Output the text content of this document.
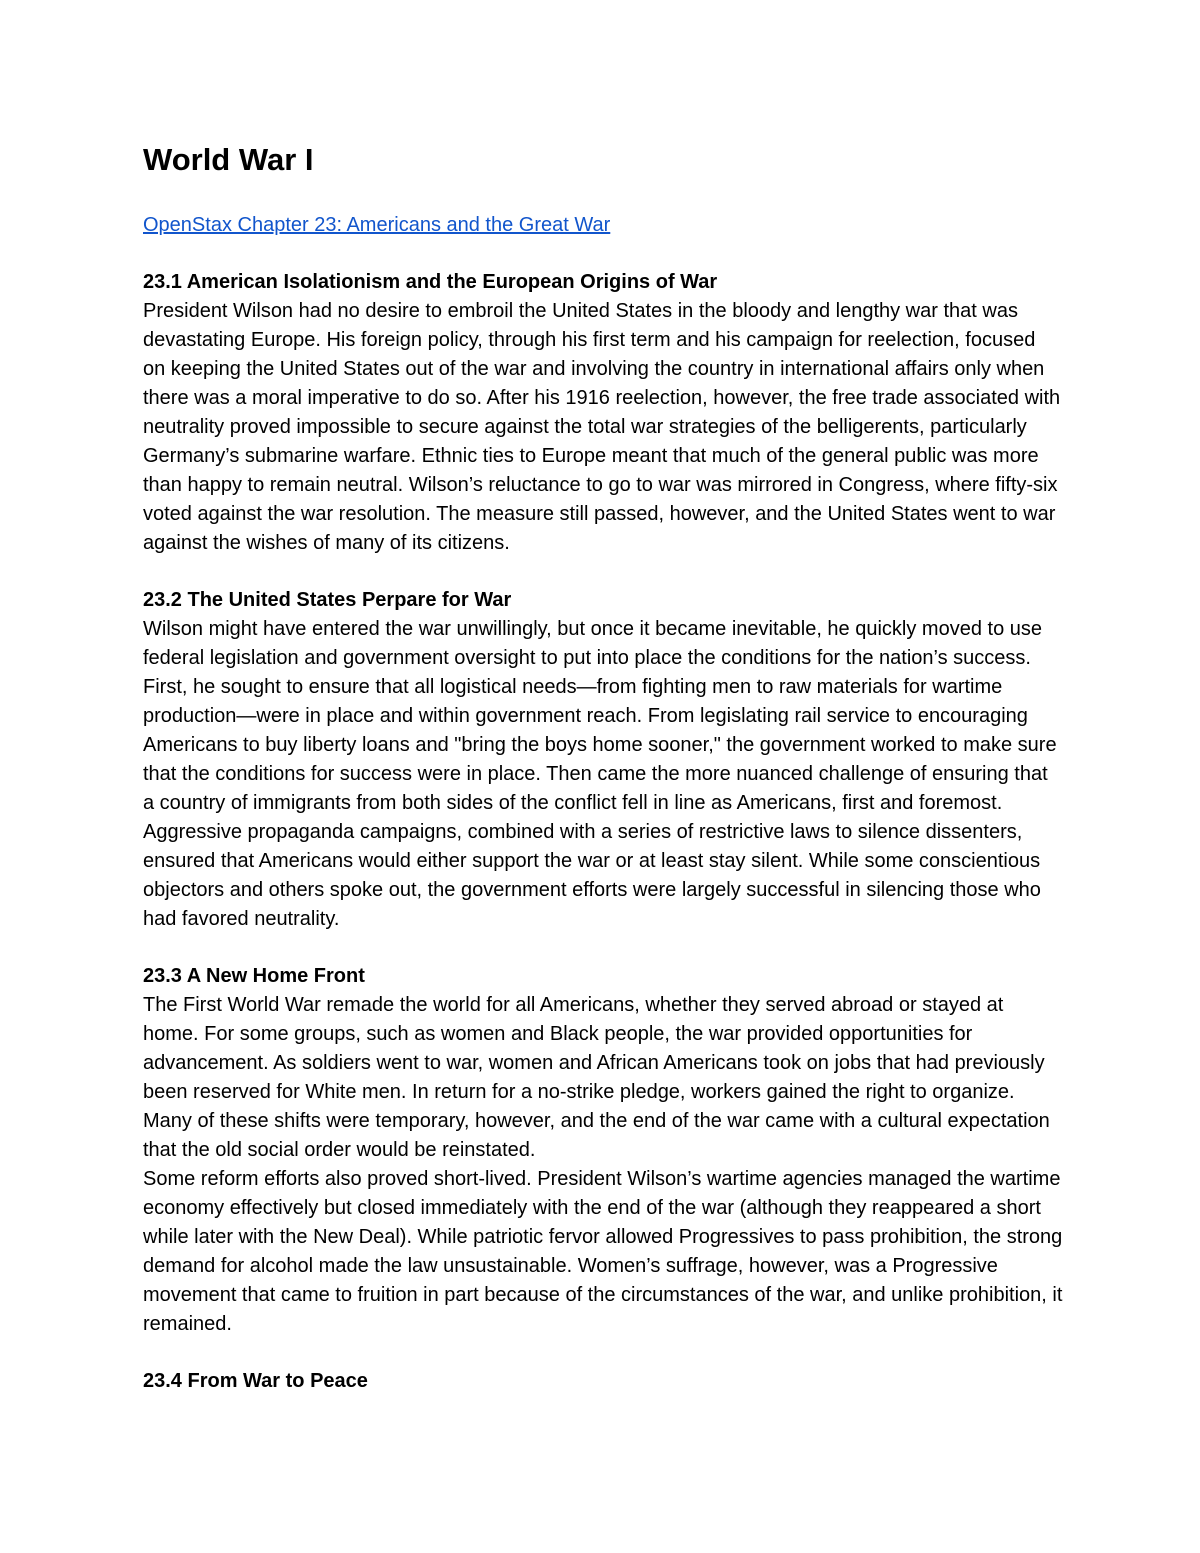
World War I
OpenStax Chapter 23: Americans and the Great War

23.1 American Isolationism and the European Origins of War

President Wilson had no desire to embroil the United States in the bloody and lengthy war that was devastating Europe. His foreign policy, through his first term and his campaign for reelection, focused on keeping the United States out of the war and involving the country in international affairs only when there was a moral imperative to do so. After his 1916 reelection, however, the free trade associated with neutrality proved impossible to secure against the total war strategies of the belligerents, particularly Germany’s submarine warfare. Ethnic ties to Europe meant that much of the general public was more than happy to remain neutral. Wilson’s reluctance to go to war was mirrored in Congress, where fifty-six voted against the war resolution. The measure still passed, however, and the United States went to war against the wishes of many of its citizens.

23.2 The United States Perpare for War

Wilson might have entered the war unwillingly, but once it became inevitable, he quickly moved to use federal legislation and government oversight to put into place the conditions for the nation’s success. First, he sought to ensure that all logistical needs—from fighting men to raw materials for wartime production—were in place and within government reach. From legislating rail service to encouraging Americans to buy liberty loans and "bring the boys home sooner," the government worked to make sure that the conditions for success were in place. Then came the more nuanced challenge of ensuring that a country of immigrants from both sides of the conflict fell in line as Americans, first and foremost. Aggressive propaganda campaigns, combined with a series of restrictive laws to silence dissenters, ensured that Americans would either support the war or at least stay silent. While some conscientious objectors and others spoke out, the government efforts were largely successful in silencing those who had favored neutrality.

23.3 A New Home Front

The First World War remade the world for all Americans, whether they served abroad or stayed at home. For some groups, such as women and Black people, the war provided opportunities for advancement. As soldiers went to war, women and African Americans took on jobs that had previously been reserved for White men. In return for a no-strike pledge, workers gained the right to organize. Many of these shifts were temporary, however, and the end of the war came with a cultural expectation that the old social order would be reinstated.

Some reform efforts also proved short-lived. President Wilson’s wartime agencies managed the wartime economy effectively but closed immediately with the end of the war (although they reappeared a short while later with the New Deal). While patriotic fervor allowed Progressives to pass prohibition, the strong demand for alcohol made the law unsustainable. Women’s suffrage, however, was a Progressive movement that came to fruition in part because of the circumstances of the war, and unlike prohibition, it remained.

23.4 From War to Peace
